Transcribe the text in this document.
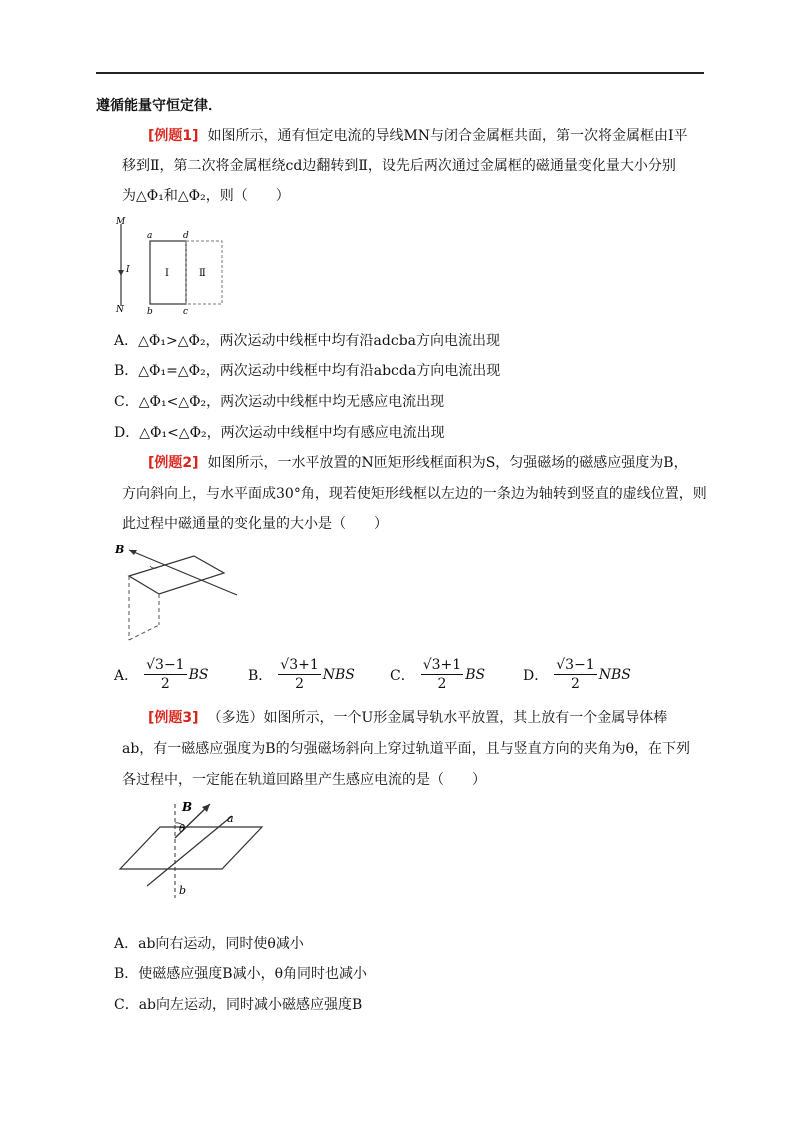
遵循能量守恒定律．
[例题1] 如图所示，通有恒定电流的导线MN与闭合金属框共面，第一次将金属框由Ⅰ平
移到Ⅱ，第二次将金属框绕cd边翻转到Ⅱ，设先后两次通过金属框的磁通量变化量大小分别
为△Φ₁和△Φ₂，则（　　）
M
I
N
a	d
b	c
Ⅰ	Ⅱ
A．△Φ₁>△Φ₂，两次运动中线框中均有沿adcba方向电流出现
B．△Φ₁=△Φ₂，两次运动中线框中均有沿abcda方向电流出现
C．△Φ₁<△Φ₂，两次运动中线框中均无感应电流出现
D．△Φ₁<△Φ₂，两次运动中线框中均有感应电流出现
[例题2] 如图所示，一水平放置的N匝矩形线框面积为S，匀强磁场的磁感应强度为B，
方向斜向上，与水平面成30°角，现若使矩形线框以左边的一条边为轴转到竖直的虚线位置，则
此过程中磁通量的变化量的大小是（　　）
B
A． $\frac{√3-1}{2}$ BS	B． $\frac{√3+1}{2}$ NBS	C． $\frac{√3+1}{2}$ BS	D． $\frac{√3-1}{2}$ NBS
[例题3] （多选）如图所示，一个U形金属导轨水平放置，其上放有一个金属导体棒
ab，有一磁感应强度为B的匀强磁场斜向上穿过轨道平面，且与竖直方向的夹角为θ，在下列
各过程中，一定能在轨道回路里产生感应电流的是（　　）
B
θ
a
b
A．ab向右运动，同时使θ减小
B．使磁感应强度B减小，θ角同时也减小
C．ab向左运动，同时减小磁感应强度B
